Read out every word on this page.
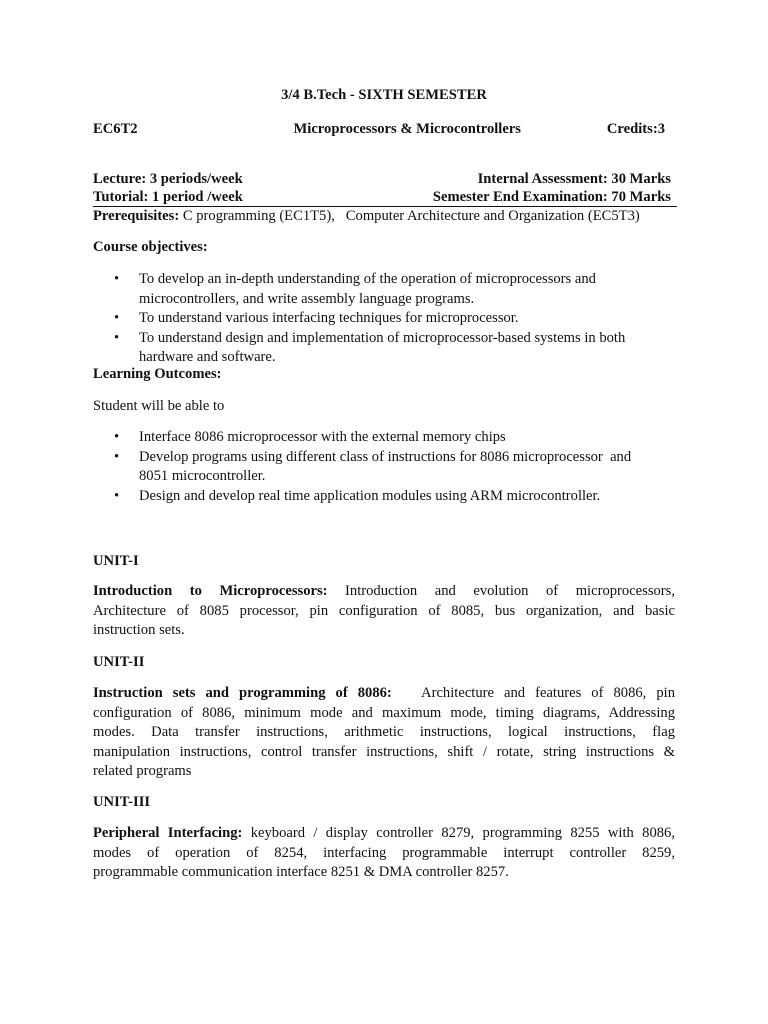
3/4 B.Tech - SIXTH SEMESTER
EC6T2	Microprocessors & Microcontrollers	Credits:3
Lecture: 3 periods/week	Internal Assessment: 30 Marks
Tutorial: 1 period /week	Semester End Examination: 70 Marks
Prerequisites: C programming (EC1T5),   Computer Architecture and Organization (EC5T3)
Course objectives:
• To develop an in-depth understanding of the operation of microprocessors and
microcontrollers, and write assembly language programs.
• To understand various interfacing techniques for microprocessor.
• To understand design and implementation of microprocessor-based systems in both
hardware and software.
Learning Outcomes:
Student will be able to
• Interface 8086 microprocessor with the external memory chips
• Develop programs using different class of instructions for 8086 microprocessor  and
8051 microcontroller.
• Design and develop real time application modules using ARM microcontroller.
UNIT-I
Introduction to Microprocessors: Introduction and evolution of microprocessors,
Architecture of 8085 processor, pin configuration of 8085, bus organization, and basic
instruction sets.
UNIT-II
Instruction sets and programming of 8086:   Architecture and features of 8086, pin
configuration of 8086, minimum mode and maximum mode, timing diagrams, Addressing
modes. Data transfer instructions, arithmetic instructions, logical instructions, flag
manipulation instructions, control transfer instructions, shift / rotate, string instructions &
related programs
UNIT-III
Peripheral Interfacing: keyboard / display controller 8279, programming 8255 with 8086,
modes of operation of 8254, interfacing programmable interrupt controller 8259,
programmable communication interface 8251 & DMA controller 8257.
